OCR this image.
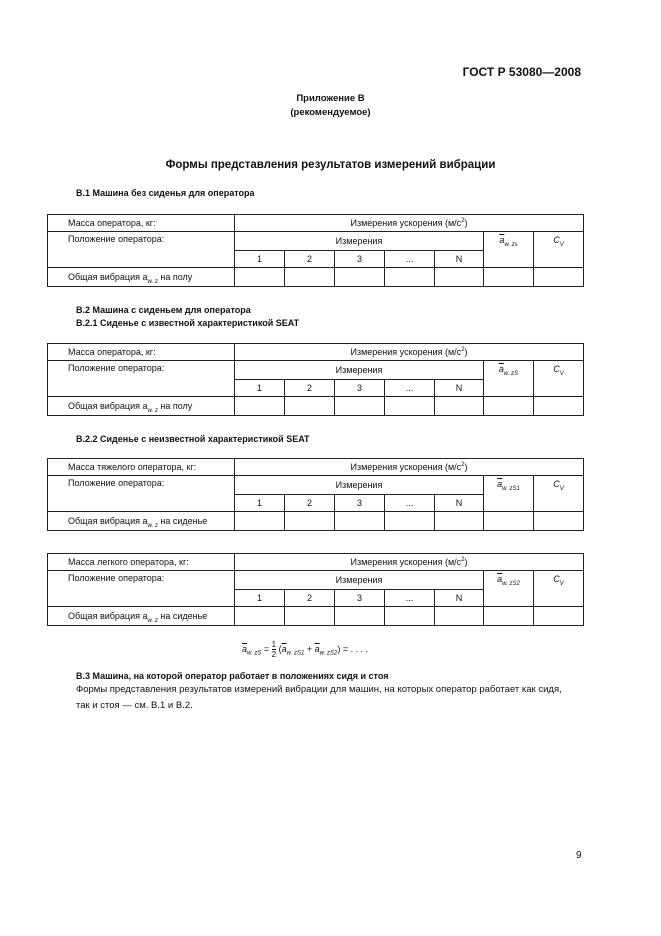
ГОСТ Р 53080—2008
Приложение В
(рекомендуемое)
Формы представления результатов измерений вибрации
В.1 Машина без сиденья для оператора
Масса оператора, кг:	Измерения ускорения $(м/с^2)$						
Положение оператора:	Измерения					$\overline{a}_{w. zs}$	$C_V$
	1	2	3	...	N		
Общая вибрация $a_{w. z}$ на полу							
В.2 Машина с сиденьем для оператора
В.2.1 Сиденье с известной характеристикой SEAT
Масса оператора, кг:	Измерения ускорения $(м/с^2)$						
Положение оператора:	Измерения					$\overline{a}_{w. zS}$	$C_V$
	1	2	3	...	N		
Общая вибрация $a_{w. z}$ на полу							
В.2.2 Сиденье с неизвестной характеристикой SEAT
Масса тяжелого оператора, кг:	Измерения ускорения $(м/с^2)$						
Положение оператора:	Измерения					$\overline{a}_{w. zS1}$	$C_V$
	1	2	3	...	N		
Общая вибрация $a_{w. z}$ на сиденье							
Масса легкого оператора, кг:	Измерения ускорения $(м/с^2)$						
Положение оператора:	Измерения					$\overline{a}_{w. zS2}$	$C_V$
	1	2	3	...	N		
Общая вибрация $a_{w. z}$ на сиденье							
$\overline{a}_{w. zS} = \frac{1}{2} (\overline{a}_{w. zS1} + \overline{a}_{w. zS2})$ = . . . .
В.3 Машина, на которой оператор работает в положениях сидя и стоя
Формы представления результатов измерений вибрации для машин, на которых оператор работает как сидя,
так и стоя — см. В.1 и В.2.
9
